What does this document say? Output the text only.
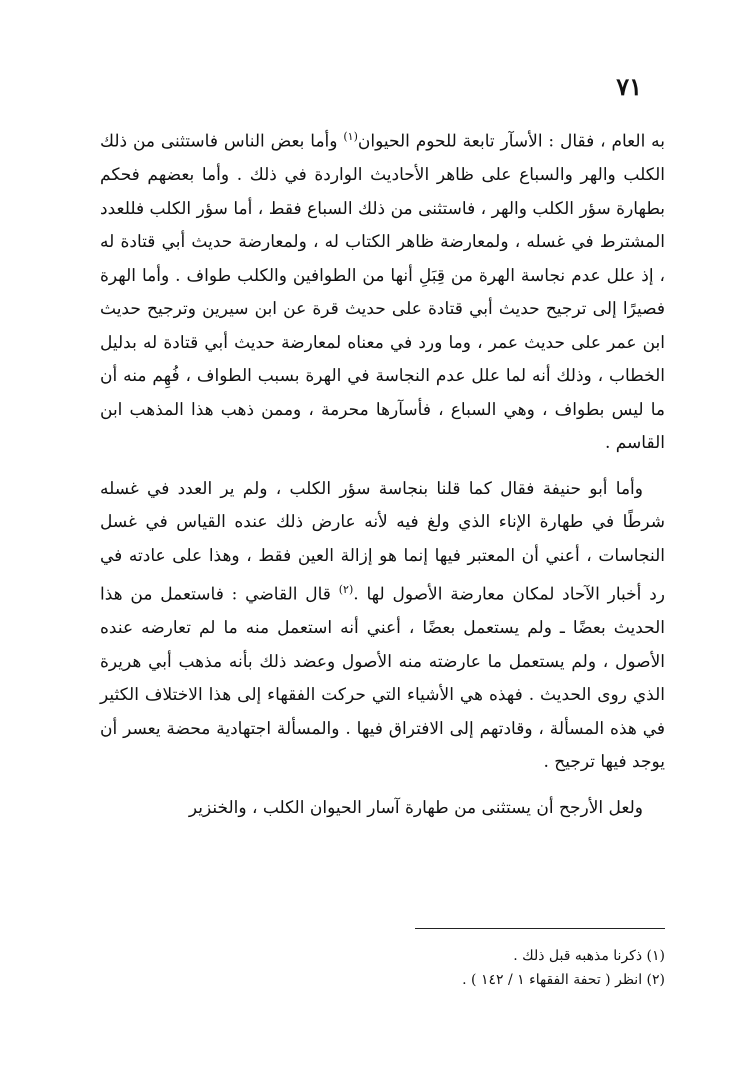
٧١

به العام ، فقال : الأسآر تابعة للحوم الحيوان$^{(١)}$ وأما بعض الناس فاستثنى من ذلك الكلب والهر والسباع على ظاهر الأحاديث الواردة في ذلك . وأما بعضهم فحكم بطهارة سؤر الكلب والهر ، فاستثنى من ذلك السباع فقط ، أما سؤر الكلب فللعدد المشترط في غسله ، ولمعارضة ظاهر الكتاب له ، ولمعارضة حديث أبي قتادة له ، إذ علل عدم نجاسة الهرة من قِبَلِ أنها من الطوافين والكلب طواف . وأما الهرة فصيرًا إلى ترجيح حديث أبي قتادة على حديث قرة عن ابن سيرين وترجيح حديث ابن عمر على حديث عمر ، وما ورد في معناه لمعارضة حديث أبي قتادة له بدليل الخطاب ، وذلك أنه لما علل عدم النجاسة في الهرة بسبب الطواف ، فُهِم منه أن ما ليس بطواف ، وهي السباع ، فأسآرها محرمة ، وممن ذهب هذا المذهب ابن القاسم .

وأما أبو حنيفة فقال كما قلنا بنجاسة سؤر الكلب ، ولم ير العدد في غسله شرطًا في طهارة الإناء الذي ولغ فيه لأنه عارض ذلك عنده القياس في غسل النجاسات ، أعني أن المعتبر فيها إنما هو إزالة العين فقط ، وهذا على عادته في رد أخبار الآحاد لمكان معارضة الأصول لها .$^{(٢)}$ قال القاضي : فاستعمل من هذا الحديث بعضًا ـ ولم يستعمل بعضًا ، أعني أنه استعمل منه ما لم تعارضه عنده الأصول ، ولم يستعمل ما عارضته منه الأصول وعضد ذلك بأنه مذهب أبي هريرة الذي روى الحديث . فهذه هي الأشياء التي حركت الفقهاء إلى هذا الاختلاف الكثير في هذه المسألة ، وقادتهم إلى الافتراق فيها . والمسألة اجتهادية محضة يعسر أن يوجد فيها ترجيح .

ولعل الأرجح أن يستثنى من طهارة آسار الحيوان الكلب ، والخنزير

(١) ذكرنا مذهبه قبل ذلك .
(٢) انظر ( تحفة الفقهاء ١ / ١٤٢ ) .
